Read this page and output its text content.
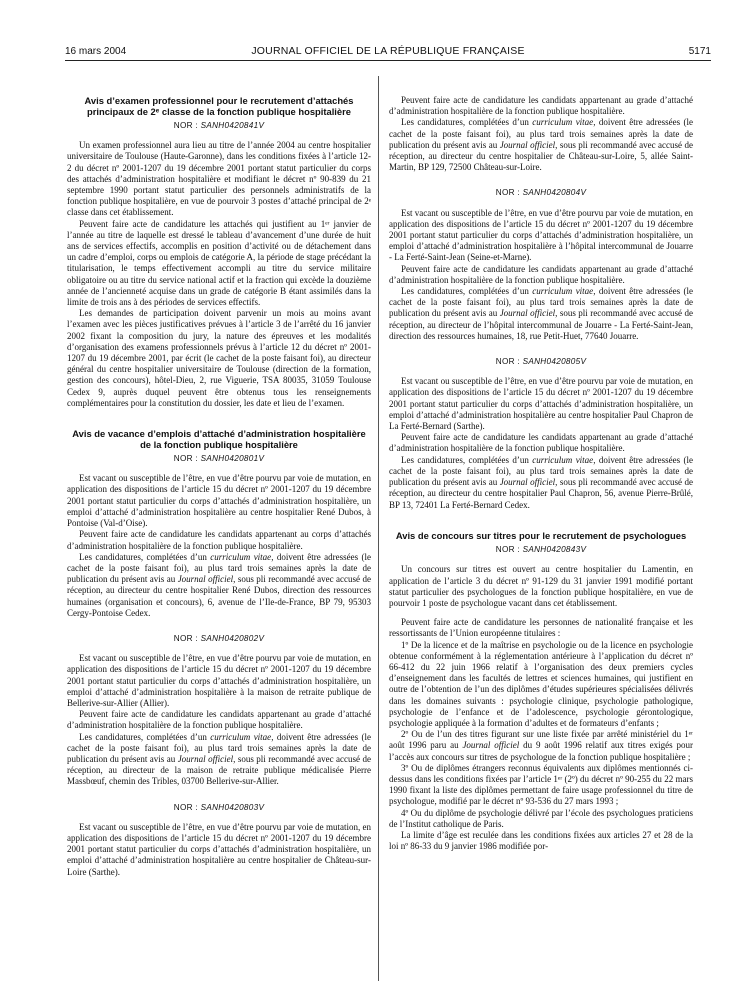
16 mars 2004	JOURNAL OFFICIEL DE LA RÉPUBLIQUE FRANÇAISE	5171
Avis d’examen professionnel pour le recrutement d’attachés principaux de 2ᵉ classe de la fonction publique hospitalière
NOR : SANH0420841V

Un examen professionnel aura lieu au titre de l’année 2004 au centre hospitalier universitaire de Toulouse (Haute-Garonne), dans les conditions fixées à l’article 12-2 du décret nº 2001-1207 du 19 décembre 2001 portant statut particulier du corps des attachés d’administration hospitalière et modifiant le décret nº 90-839 du 21 septembre 1990 portant statut particulier des personnels administratifs de la fonction publique hospitalière, en vue de pourvoir 3 postes d’attaché principal de 2ᵉ classe dans cet établissement.

Peuvent faire acte de candidature les attachés qui justifient au 1ᵉʳ janvier de l’année au titre de laquelle est dressé le tableau d’avancement d’une durée de huit ans de services effectifs, accomplis en position d’activité ou de détachement dans un cadre d’emploi, corps ou emplois de catégorie A, la période de stage précédant la titularisation, le temps effectivement accompli au titre du service militaire obligatoire ou au titre du service national actif et la fraction qui excède la douzième année de l’ancienneté acquise dans un grade de catégorie B étant assimilés dans la limite de trois ans à des périodes de services effectifs.

Les demandes de participation doivent parvenir un mois au moins avant l’examen avec les pièces justificatives prévues à l’article 3 de l’arrêté du 16 janvier 2002 fixant la composition du jury, la nature des épreuves et les modalités d’organisation des examens professionnels prévus à l’article 12 du décret nº 2001-1207 du 19 décembre 2001, par écrit (le cachet de la poste faisant foi), au directeur général du centre hospitalier universitaire de Toulouse (direction de la formation, gestion des concours), hôtel-Dieu, 2, rue Viguerie, TSA 80035, 31059 Toulouse Cedex 9, auprès duquel peuvent être obtenus tous les renseignements complémentaires pour la constitution du dossier, les date et lieu de l’examen.

Avis de vacance d’emplois d’attaché d’administration hospitalière de la fonction publique hospitalière
NOR : SANH0420801V

Est vacant ou susceptible de l’être, en vue d’être pourvu par voie de mutation, en application des dispositions de l’article 15 du décret nº 2001-1207 du 19 décembre 2001 portant statut particulier du corps d’attachés d’administration hospitalière, un emploi d’attaché d’administration hospitalière au centre hospitalier René Dubos, à Pontoise (Val-d’Oise).

Peuvent faire acte de candidature les candidats appartenant au corps d’attachés d’administration hospitalière de la fonction publique hospitalière.

Les candidatures, complétées d’un curriculum vitae, doivent être adressées (le cachet de la poste faisant foi), au plus tard trois semaines après la date de publication du présent avis au Journal officiel, sous pli recommandé avec accusé de réception, au directeur du centre hospitalier René Dubos, direction des ressources humaines (organisation et concours), 6, avenue de l’Ile-de-France, BP 79, 95303 Cergy-Pontoise Cedex.

NOR : SANH0420802V

Est vacant ou susceptible de l’être, en vue d’être pourvu par voie de mutation, en application des dispositions de l’article 15 du décret nº 2001-1207 du 19 décembre 2001 portant statut particulier du corps d’attachés d’administration hospitalière, un emploi d’attaché d’administration hospitalière à la maison de retraite publique de Bellerive-sur-Allier (Allier).

Peuvent faire acte de candidature les candidats appartenant au grade d’attaché d’administration hospitalière de la fonction publique hospitalière.

Les candidatures, complétées d’un curriculum vitae, doivent être adressées (le cachet de la poste faisant foi), au plus tard trois semaines après la date de publication du présent avis au Journal officiel, sous pli recommandé avec accusé de réception, au directeur de la maison de retraite publique médicalisée Pierre Massbœuf, chemin des Tribles, 03700 Bellerive-sur-Allier.

NOR : SANH0420803V

Est vacant ou susceptible de l’être, en vue d’être pourvu par voie de mutation, en application des dispositions de l’article 15 du décret nº 2001-1207 du 19 décembre 2001 portant statut particulier du corps d’attachés d’administration hospitalière, un emploi d’attaché d’administration hospitalière au centre hospitalier de Château-sur-Loire (Sarthe).

Peuvent faire acte de candidature les candidats appartenant au grade d’attaché d’administration hospitalière de la fonction publique hospitalière.

Les candidatures, complétées d’un curriculum vitae, doivent être adressées (le cachet de la poste faisant foi), au plus tard trois semaines après la date de publication du présent avis au Journal officiel, sous pli recommandé avec accusé de réception, au directeur du centre hospitalier de Château-sur-Loire, 5, allée Saint-Martin, BP 129, 72500 Château-sur-Loire.

NOR : SANH0420804V

Est vacant ou susceptible de l’être, en vue d’être pourvu par voie de mutation, en application des dispositions de l’article 15 du décret nº 2001-1207 du 19 décembre 2001 portant statut particulier du corps d’attachés d’administration hospitalière, un emploi d’attaché d’administration hospitalière à l’hôpital intercommunal de Jouarre - La Ferté-Saint-Jean (Seine-et-Marne).

Peuvent faire acte de candidature les candidats appartenant au grade d’attaché d’administration hospitalière de la fonction publique hospitalière.

Les candidatures, complétées d’un curriculum vitae, doivent être adressées (le cachet de la poste faisant foi), au plus tard trois semaines après la date de publication du présent avis au Journal officiel, sous pli recommandé avec accusé de réception, au directeur de l’hôpital intercommunal de Jouarre - La Ferté-Saint-Jean, direction des ressources humaines, 18, rue Petit-Huet, 77640 Jouarre.

NOR : SANH0420805V

Est vacant ou susceptible de l’être, en vue d’être pourvu par voie de mutation, en application des dispositions de l’article 15 du décret nº 2001-1207 du 19 décembre 2001 portant statut particulier du corps d’attachés d’administration hospitalière, un emploi d’attaché d’administration hospitalière au centre hospitalier Paul Chapron de La Ferté-Bernard (Sarthe).

Peuvent faire acte de candidature les candidats appartenant au grade d’attaché d’administration hospitalière de la fonction publique hospitalière.

Les candidatures, complétées d’un curriculum vitae, doivent être adressées (le cachet de la poste faisant foi), au plus tard trois semaines après la date de publication du présent avis au Journal officiel, sous pli recommandé avec accusé de réception, au directeur du centre hospitalier Paul Chapron, 56, avenue Pierre-Brûlé, BP 13, 72401 La Ferté-Bernard Cedex.

Avis de concours sur titres pour le recrutement de psychologues
NOR : SANH0420843V

Un concours sur titres est ouvert au centre hospitalier du Lamentin, en application de l’article 3 du décret nº 91-129 du 31 janvier 1991 modifié portant statut particulier des psychologues de la fonction publique hospitalière, en vue de pourvoir 1 poste de psychologue vacant dans cet établissement.

Peuvent faire acte de candidature les personnes de nationalité française et les ressortissants de l’Union européenne titulaires :

1º De la licence et de la maîtrise en psychologie ou de la licence en psychologie obtenue conformément à la réglementation antérieure à l’application du décret nº 66-412 du 22 juin 1966 relatif à l’organisation des deux premiers cycles d’enseignement dans les facultés de lettres et sciences humaines, qui justifient en outre de l’obtention de l’un des diplômes d’études supérieures spécialisées délivrés dans les domaines suivants : psychologie clinique, psychologie pathologique, psychologie de l’enfance et de l’adolescence, psychologie gérontologique, psychologie appliquée à la formation d’adultes et de formateurs d’enfants ;

2º Ou de l’un des titres figurant sur une liste fixée par arrêté ministériel du 1ᵉʳ août 1996 paru au Journal officiel du 9 août 1996 relatif aux titres exigés pour l’accès aux concours sur titres de psychologue de la fonction publique hospitalière ;

3º Ou de diplômes étrangers reconnus équivalents aux diplômes mentionnés ci-dessus dans les conditions fixées par l’article 1ᵉʳ (2º) du décret nº 90-255 du 22 mars 1990 fixant la liste des diplômes permettant de faire usage professionnel du titre de psychologue, modifié par le décret nº 93-536 du 27 mars 1993 ;

4º Ou du diplôme de psychologie délivré par l’école des psychologues praticiens de l’Institut catholique de Paris.

La limite d’âge est reculée dans les conditions fixées aux articles 27 et 28 de la loi nº 86-33 du 9 janvier 1986 modifiée por-
